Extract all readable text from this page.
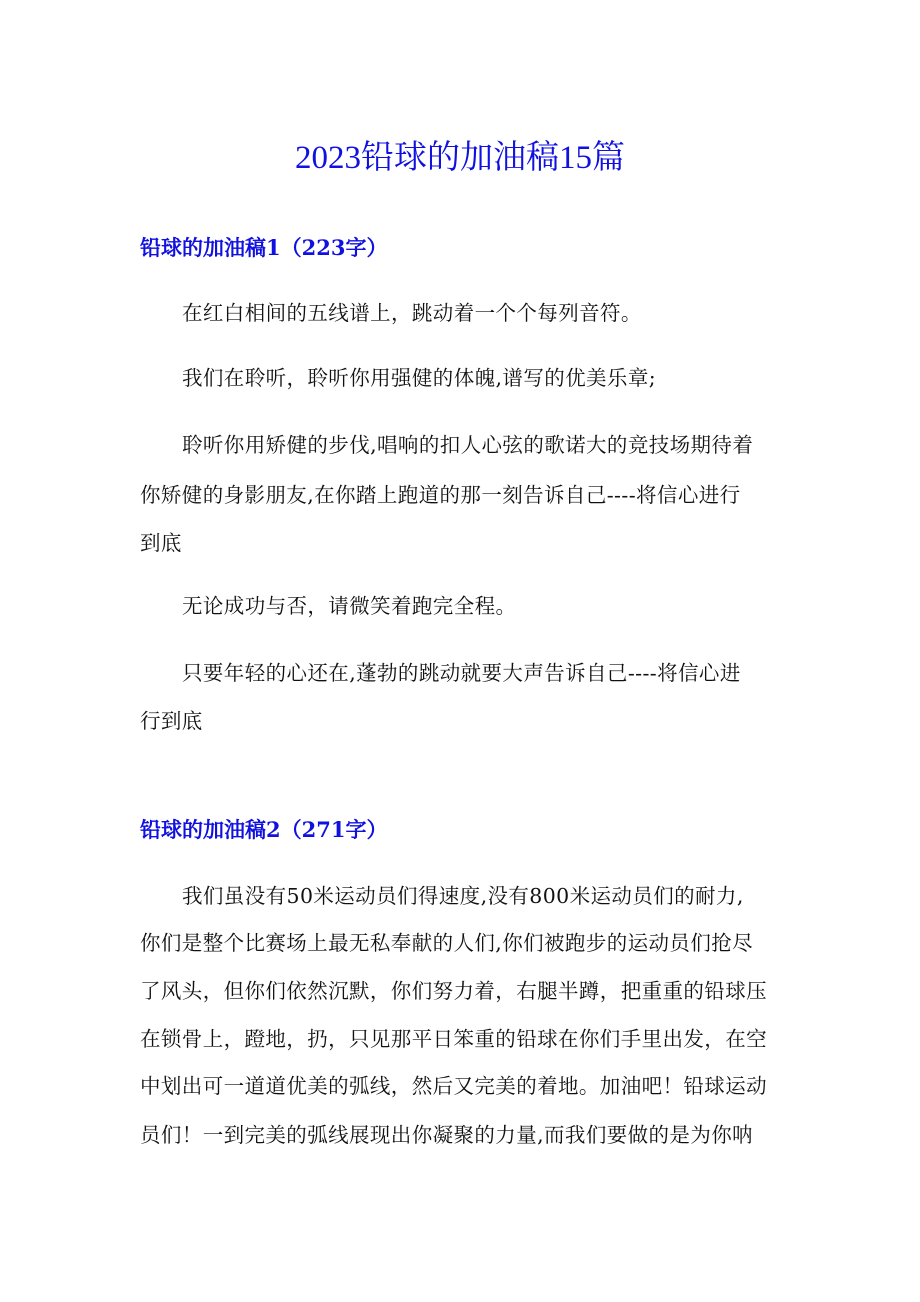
2023铅球的加油稿15篇
铅球的加油稿1（223字）
在红白相间的五线谱上，跳动着一个个每列音符。
我们在聆听，聆听你用强健的体魄,谱写的优美乐章;
聆听你用矫健的步伐,唱响的扣人心弦的歌诺大的竞技场期待着
你矫健的身影朋友,在你踏上跑道的那一刻告诉自己----将信心进行
到底
无论成功与否，请微笑着跑完全程。
只要年轻的心还在,蓬勃的跳动就要大声告诉自己----将信心进
行到底
铅球的加油稿2（271字）
我们虽没有50米运动员们得速度,没有800米运动员们的耐力,
你们是整个比赛场上最无私奉献的人们,你们被跑步的运动员们抢尽
了风头，但你们依然沉默，你们努力着，右腿半蹲，把重重的铅球压
在锁骨上，蹬地，扔，只见那平日笨重的铅球在你们手里出发，在空
中划出可一道道优美的弧线，然后又完美的着地。加油吧！铅球运动
员们！一到完美的弧线展现出你凝聚的力量,而我们要做的是为你呐
